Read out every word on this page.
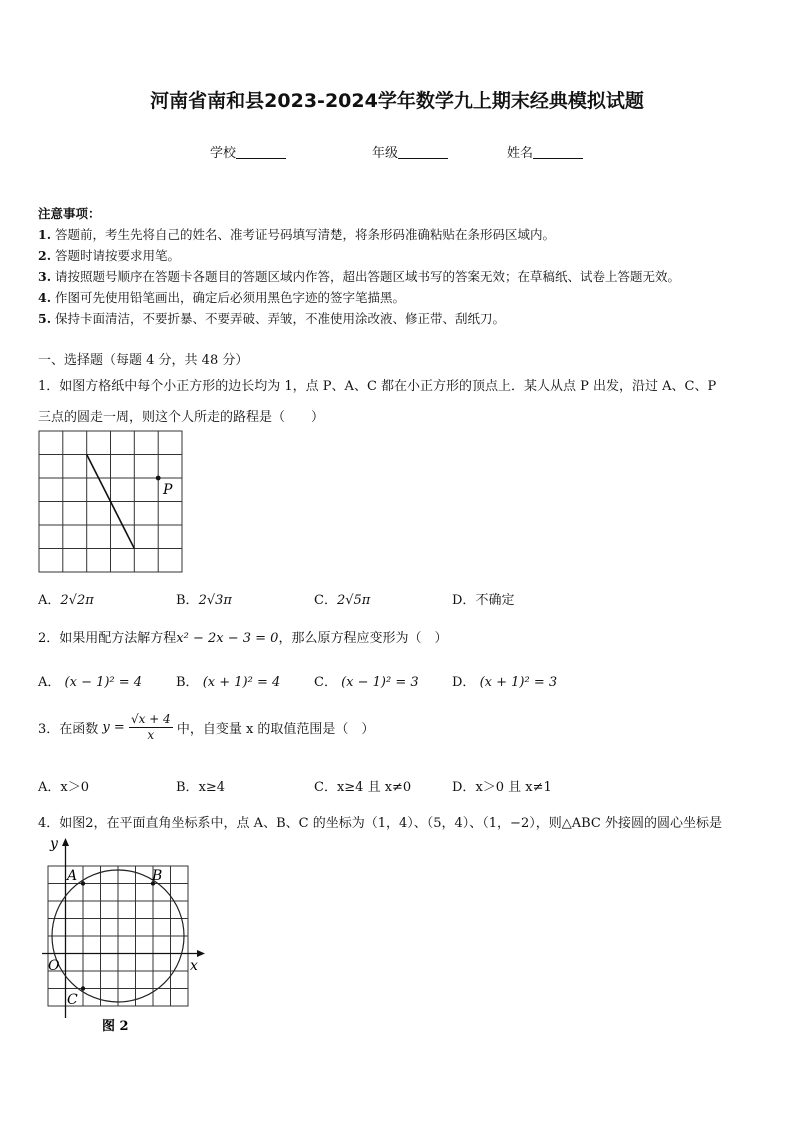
河南省南和县2023-2024学年数学九上期末经典模拟试题
学校	年级	姓名
注意事项：
1. 答题前，考生先将自己的姓名、准考证号码填写清楚，将条形码准确粘贴在条形码区域内。
2. 答题时请按要求用笔。
3. 请按照题号顺序在答题卡各题目的答题区域内作答，超出答题区域书写的答案无效；在草稿纸、试卷上答题无效。
4. 作图可先使用铅笔画出，确定后必须用黑色字迹的签字笔描黑。
5. 保持卡面清洁，不要折暴、不要弄破、弄皱，不准使用涂改液、修正带、刮纸刀。
一、选择题（每题 4 分，共 48 分）
1．如图方格纸中每个小正方形的边长均为 1，点 P、A、C 都在小正方形的顶点上．某人从点 P 出发，沿过 A、C、P
三点的圆走一周，则这个人所走的路程是（　　）
P
A．2√2π	B．2√3π	C．2√5π	D．不确定
2．如果用配方法解方程x² − 2x − 3 = 0，那么原方程应变形为（　）
A． (x − 1)² = 4	B． (x + 1)² = 4	C． (x − 1)² = 3	D． (x + 1)² = 3
3．在函数 $y = \frac{√x + 4}{x}$ 中，自变量 x 的取值范围是（　）
A．x＞0	B．x≥4	C．x≥4 且 x≠0	D．x＞0 且 x≠1
4．如图2，在平面直角坐标系中，点 A、B、C 的坐标为（1，4）、（5，4）、（1，−2），则△ABC 外接圆的圆心坐标是
y
x
O
A	B
C
图 2
